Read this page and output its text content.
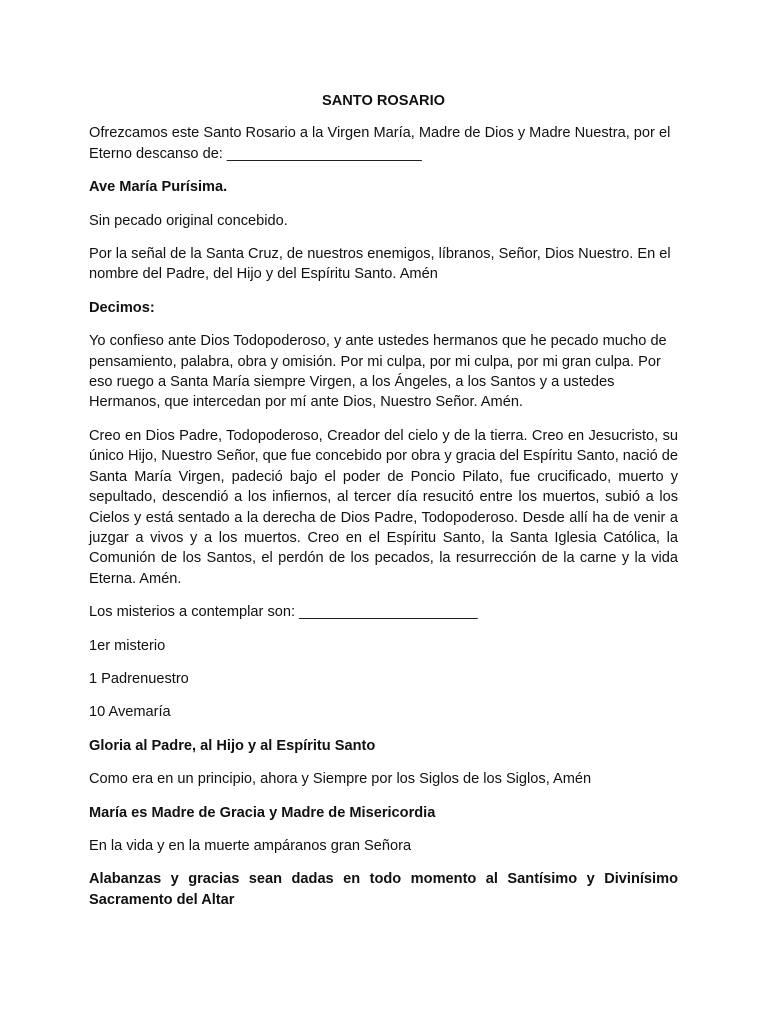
SANTO ROSARIO

Ofrezcamos este Santo Rosario a la Virgen María, Madre de Dios y Madre Nuestra, por el Eterno descanso de: ________________________

Ave María Purísima.

Sin pecado original concebido.

Por la señal de la Santa Cruz, de nuestros enemigos, líbranos, Señor, Dios Nuestro. En el nombre del Padre, del Hijo y del Espíritu Santo. Amén

Decimos:

Yo confieso ante Dios Todopoderoso, y ante ustedes hermanos que he pecado mucho de pensamiento, palabra, obra y omisión. Por mi culpa, por mi culpa, por mi gran culpa. Por eso ruego a Santa María siempre Virgen, a los Ángeles, a los Santos y a ustedes Hermanos, que intercedan por mí ante Dios, Nuestro Señor. Amén.

Creo en Dios Padre, Todopoderoso, Creador del cielo y de la tierra. Creo en Jesucristo, su único Hijo, Nuestro Señor, que fue concebido por obra y gracia del Espíritu Santo, nació de Santa María Virgen, padeció bajo el poder de Poncio Pilato, fue crucificado, muerto y sepultado, descendió a los infiernos, al tercer día resucitó entre los muertos, subió a los Cielos y está sentado a la derecha de Dios Padre, Todopoderoso. Desde allí ha de venir a juzgar a vivos y a los muertos. Creo en el Espíritu Santo, la Santa Iglesia Católica, la Comunión de los Santos, el perdón de los pecados, la resurrección de la carne y la vida Eterna. Amén.

Los misterios a contemplar son: ______________________

1er misterio

1 Padrenuestro

10 Avemaría

Gloria al Padre, al Hijo y al Espíritu Santo

Como era en un principio, ahora y Siempre por los Siglos de los Siglos, Amén

María es Madre de Gracia y Madre de Misericordia

En la vida y en la muerte ampáranos gran Señora

Alabanzas y gracias sean dadas en todo momento al Santísimo y Divinísimo Sacramento del Altar
